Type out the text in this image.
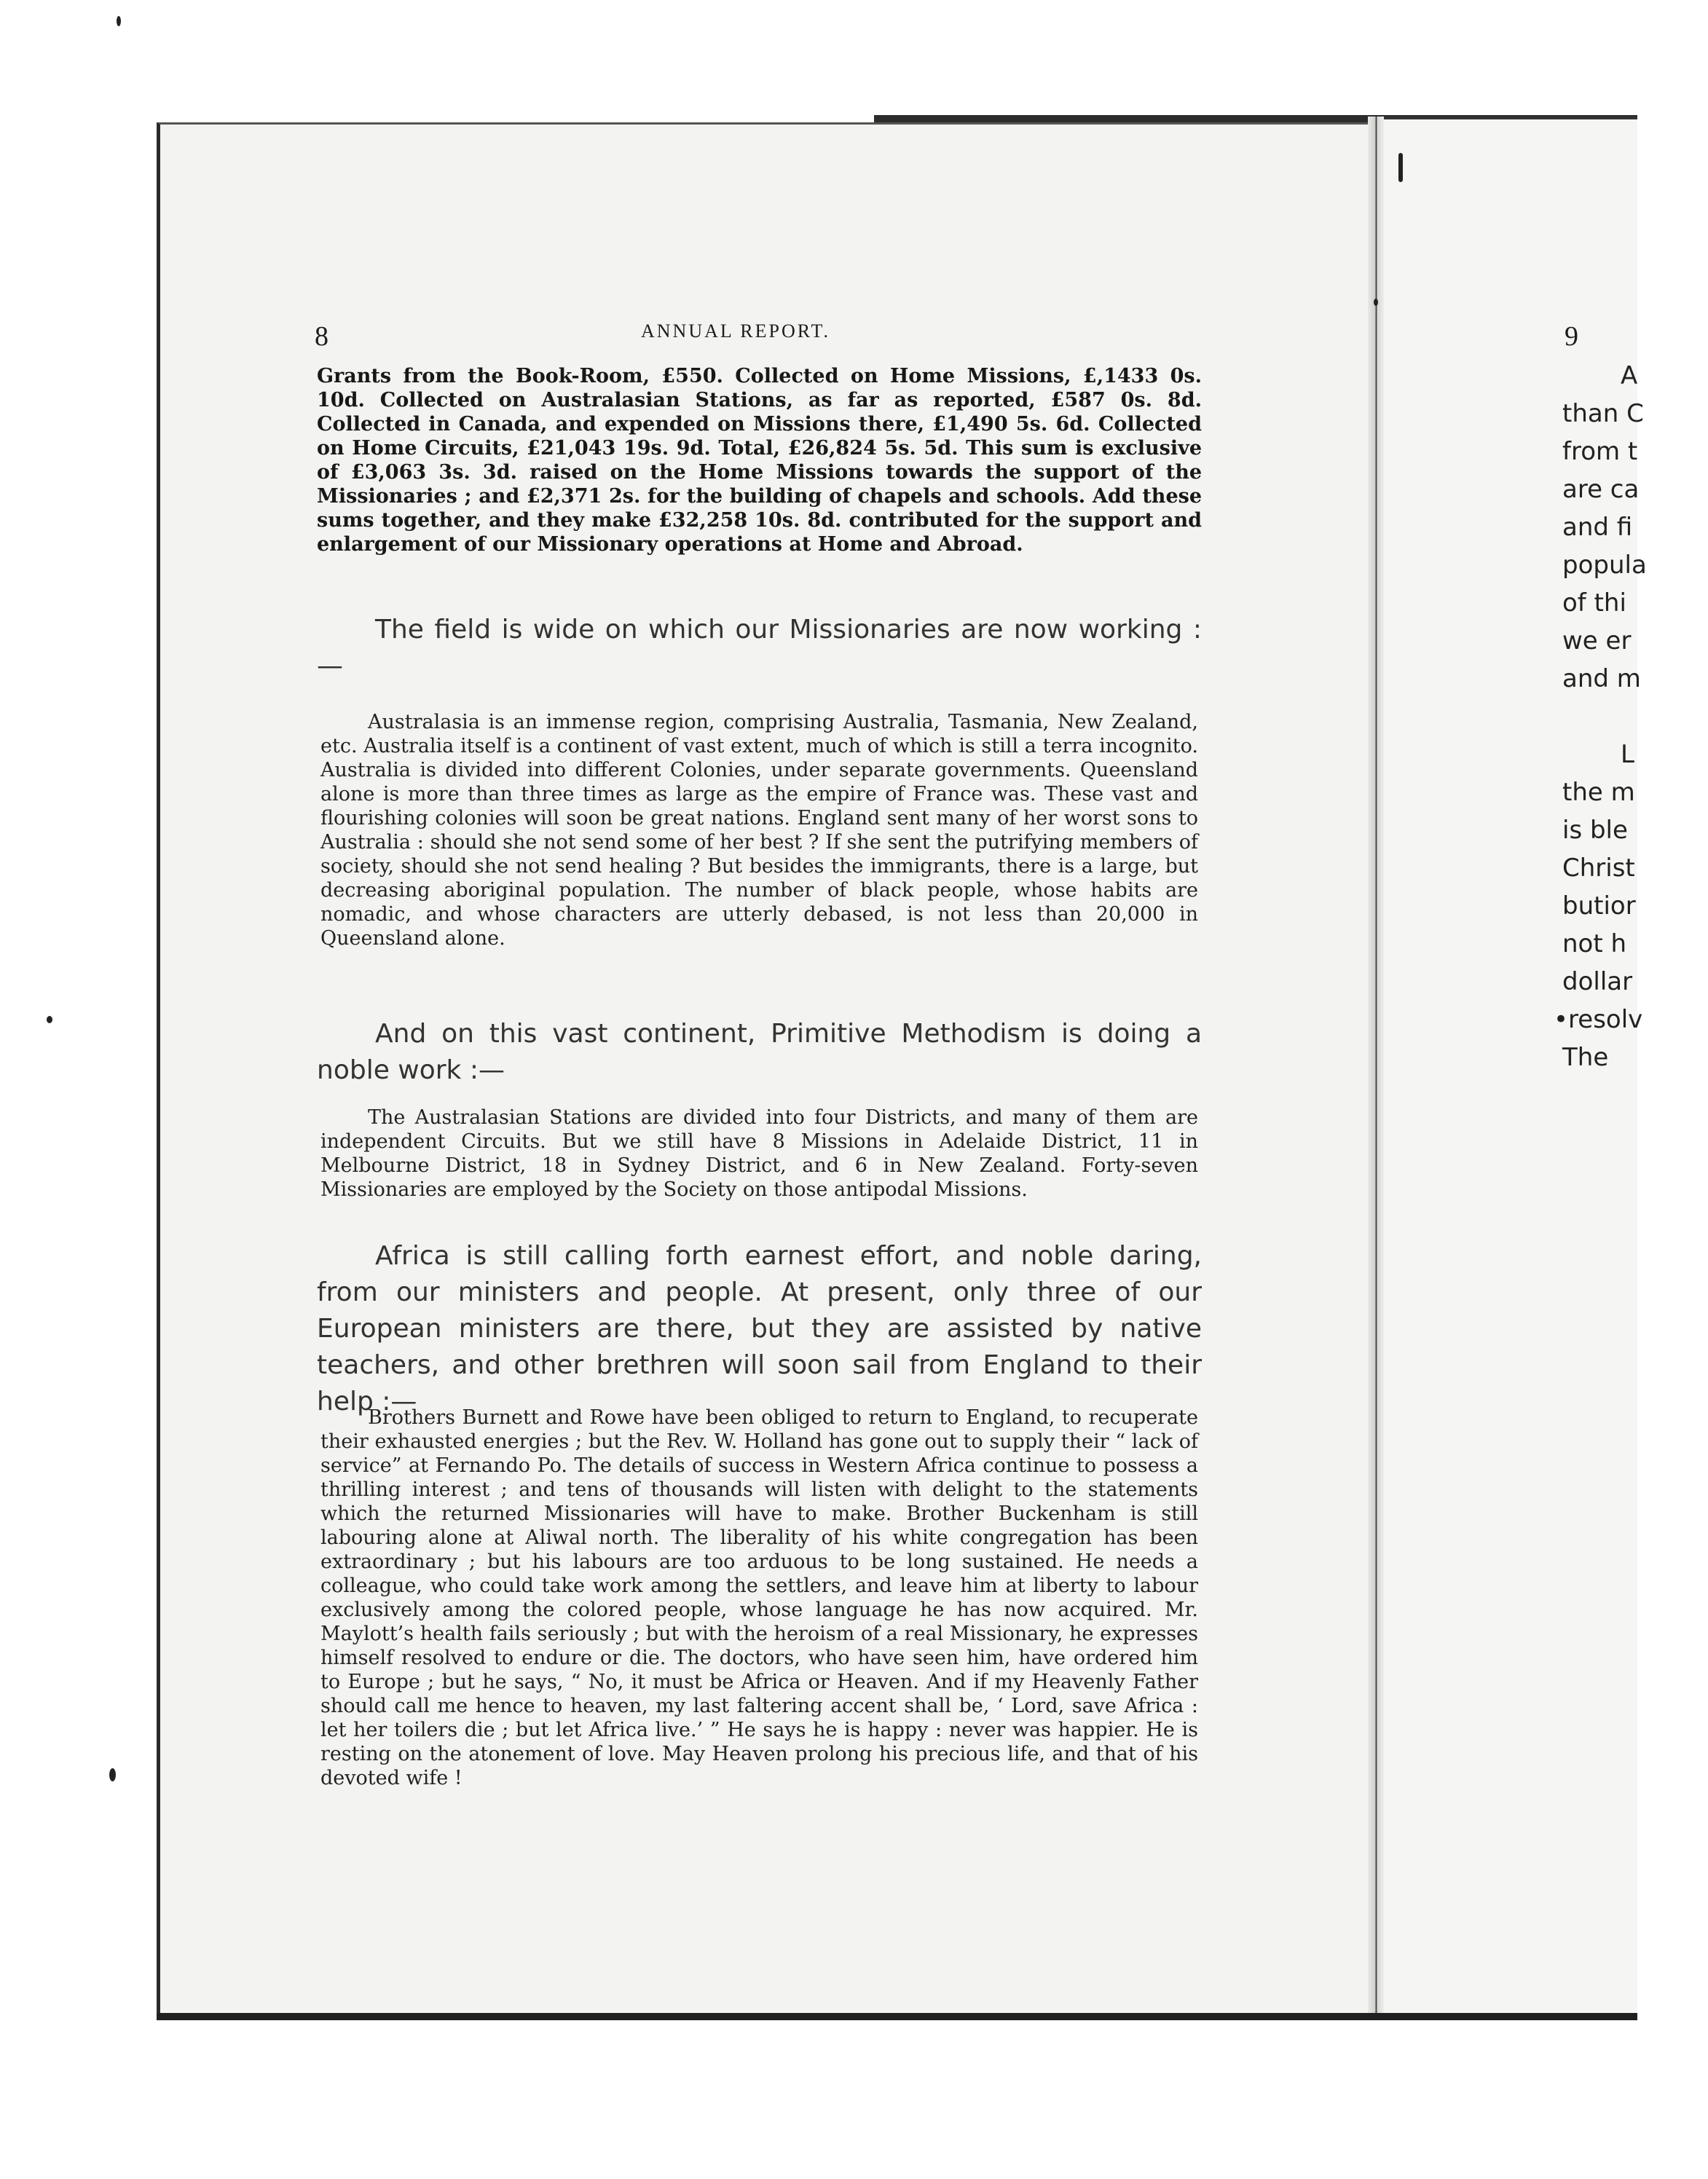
8	ANNUAL REPORT.	9
Grants from the Book-Room, £550. Collected on Home Missions, £,1433 0s. 10d. Collected on Australasian Stations, as far as reported, £587 0s. 8d. Collected in Canada, and expended on Missions there, £1,490 5s. 6d. Collected on Home Circuits, £21,043 19s. 9d. Total, £26,824 5s. 5d. This sum is exclusive of £3,063 3s. 3d. raised on the Home Missions towards the support of the Missionaries ; and £2,371 2s. for the building of chapels and schools. Add these sums together, and they make £32,258 10s. 8d. contributed for the support and enlargement of our Missionary operations at Home and Abroad.
The field is wide on which our Missionaries are now working :—
Australasia is an immense region, comprising Australia, Tasmania, New Zealand, etc. Australia itself is a continent of vast extent, much of which is still a terra incognito. Australia is divided into different Colonies, under separate governments. Queensland alone is more than three times as large as the empire of France was. These vast and flourishing colonies will soon be great nations. England sent many of her worst sons to Australia : should she not send some of her best ? If she sent the putrifying members of society, should she not send healing ? But besides the immigrants, there is a large, but decreasing aboriginal population. The number of black people, whose habits are nomadic, and whose characters are utterly debased, is not less than 20,000 in Queensland alone.
And on this vast continent, Primitive Methodism is doing a noble work :—
The Australasian Stations are divided into four Districts, and many of them are independent Circuits. But we still have 8 Missions in Adelaide District, 11 in Melbourne District, 18 in Sydney District, and 6 in New Zealand. Forty-seven Missionaries are employed by the Society on those antipodal Missions.
Africa is still calling forth earnest effort, and noble daring, from our ministers and people. At present, only three of our European ministers are there, but they are assisted by native teachers, and other brethren will soon sail from England to their help :—
Brothers Burnett and Rowe have been obliged to return to England, to recuperate their exhausted energies ; but the Rev. W. Holland has gone out to supply their “ lack of service” at Fernando Po. The details of success in Western Africa continue to possess a thrilling interest ; and tens of thousands will listen with delight to the statements which the returned Missionaries will have to make. Brother Buckenham is still labouring alone at Aliwal north. The liberality of his white congregation has been extraordinary ; but his labours are too arduous to be long sustained. He needs a colleague, who could take work among the settlers, and leave him at liberty to labour exclusively among the colored people, whose language he has now acquired. Mr. Maylott’s health fails seriously ; but with the heroism of a real Missionary, he expresses himself resolved to endure or die. The doctors, who have seen him, have ordered him to Europe ; but he says, “ No, it must be Africa or Heaven. And if my Heavenly Father should call me hence to heaven, my last faltering accent shall be, ‘ Lord, save Africa : let her toilers die ; but let Africa live.’ ” He says he is happy : never was happier. He is resting on the atonement of love. May Heaven prolong his precious life, and that of his devoted wife !
A
than C
from t
are ca
and fi
popula
of thi
we er
and m
L
the m
is ble
Christ
butior
not h
dollar
•resolv
The
